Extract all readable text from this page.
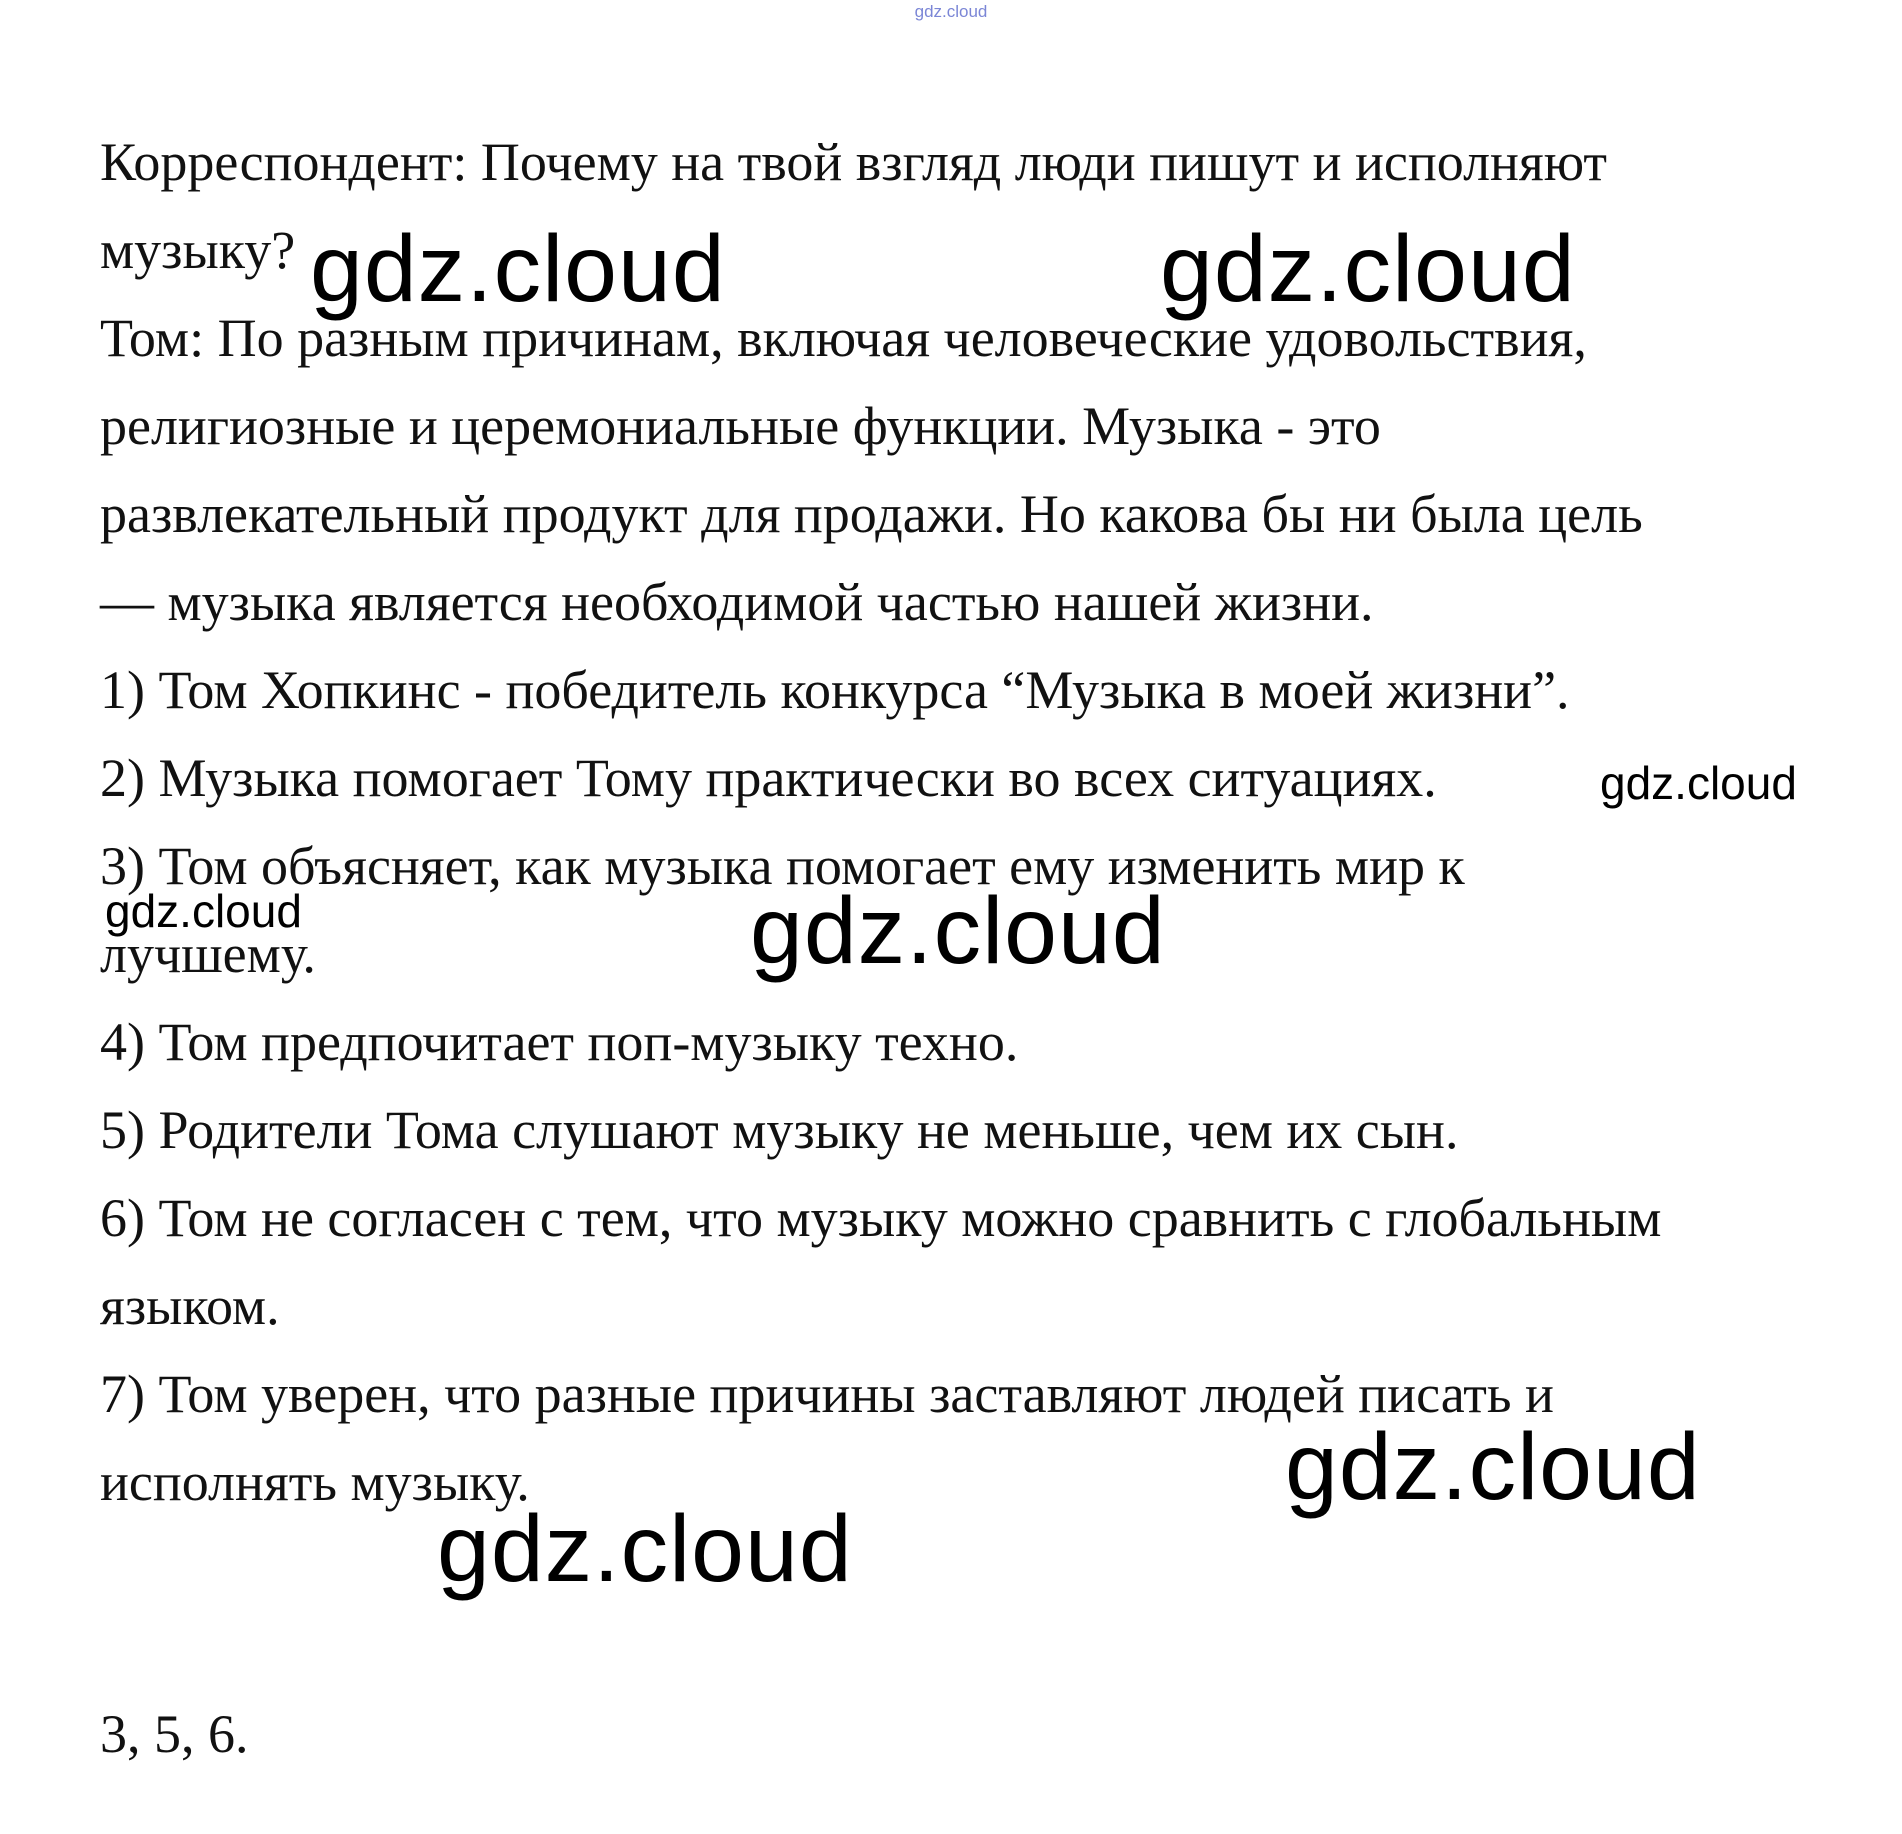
gdz.cloud
Корреспондент: Почему на твой взгляд люди пишут и исполняют
музыку?
Том: По разным причинам, включая человеческие удовольствия,
религиозные и церемониальные функции. Музыка - это
развлекательный продукт для продажи. Но какова бы ни была цель
— музыка является необходимой частью нашей жизни.
1) Том Хопкинс - победитель конкурса “Музыка в моей жизни”.
2) Музыка помогает Тому практически во всех ситуациях.
3) Том объясняет, как музыка помогает ему изменить мир к
лучшему.
4) Том предпочитает поп-музыку техно.
5) Родители Тома слушают музыку не меньше, чем их сын.
6) Том не согласен с тем, что музыку можно сравнить с глобальным
языком.
7) Том уверен, что разные причины заставляют людей писать и
исполнять музыку.
3, 5, 6.
gdz.cloud	gdz.cloud
gdz.cloud
gdz.cloud	gdz.cloud
gdz.cloud
gdz.cloud
